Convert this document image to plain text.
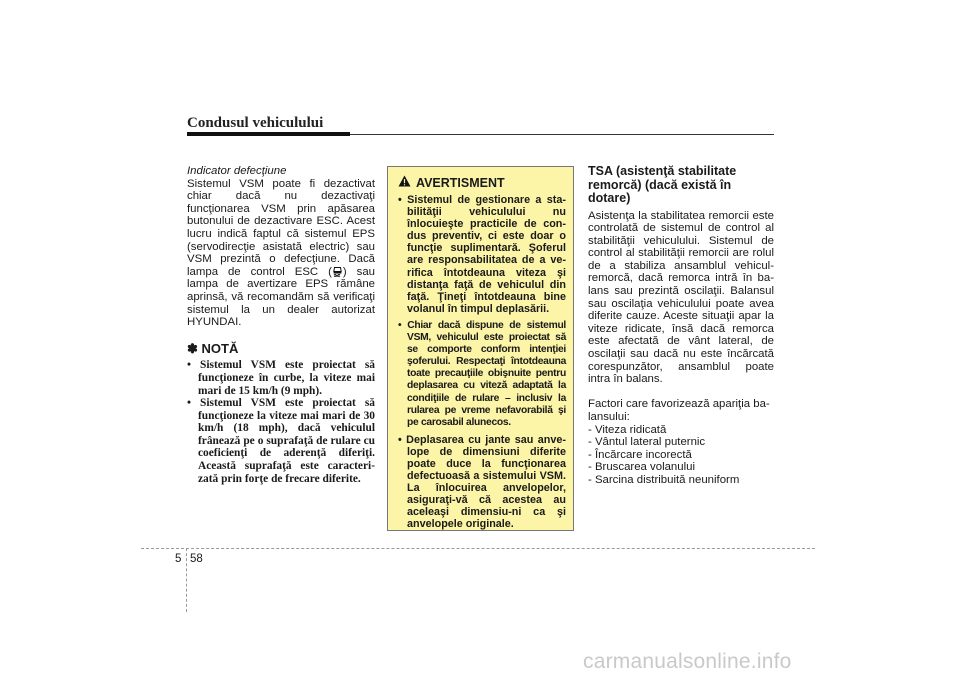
Condusul vehiculului
Indicator defecţiune
Sistemul VSM poate fi dezactivat chiar dacă nu dezactivaţi funcţionarea VSM prin apăsarea butonului de dezactivare ESC. Acest lucru indică faptul că sistemul EPS (servodirecţie asistată electric) sau VSM prezintă o defecţiune. Dacă lampa de control ESC ( ) sau lampa de avertizare EPS rămâne aprinsă, vă recomandăm să verificaţi sistemul la un dealer autorizat HYUNDAI.
✽ NOTĂ
• Sistemul VSM este proiectat să funcţioneze în curbe, la viteze mai mari de 15 km/h (9 mph).
• Sistemul VSM este proiectat să funcţioneze la viteze mai mari de 30 km/h (18 mph), dacă vehiculul frânează pe o suprafaţă de rulare cu coeficienţi de aderenţă diferiţi. Această suprafaţă este caracteri-zată prin forţe de frecare diferite.
AVERTISMENT
• Sistemul de gestionare a sta-bilităţii vehiculului nu înlocuieşte practicile de con-dus preventiv, ci este doar o funcţie suplimentară. Şoferul are responsabilitatea de a ve-rifica întotdeauna viteza şi distanţa faţă de vehiculul din faţă. Ţineţi întotdeauna bine volanul în timpul deplasării.
• Chiar dacă dispune de sistemul VSM, vehiculul este proiectat să se comporte conform intenţiei şoferului. Respectaţi întotdeauna toate precauţiile obişnuite pentru deplasarea cu viteză adaptată la condiţiile de rulare – inclusiv la rularea pe vreme nefavorabilă şi pe carosabil alunecos.
• Deplasarea cu jante sau anve-lope de dimensiuni diferite poate duce la funcţionarea defectuoasă a sistemului VSM. La înlocuirea anvelopelor, asiguraţi-vă că acestea au aceleaşi dimensiu-ni ca şi anvelopele originale.
TSA (asistenţă stabilitate remorcă) (dacă există în dotare)
Asistenţa la stabilitatea remorcii este controlată de sistemul de control al stabilităţii vehiculului. Sistemul de control al stabilităţii remorcii are rolul de a stabiliza ansamblul vehicul-remorcă, dacă remorca intră în ba-lans sau prezintă oscilaţii. Balansul sau oscilaţia vehiculului poate avea diferite cauze. Aceste situaţii apar la viteze ridicate, însă dacă remorca este afectată de vânt lateral, de oscilaţii sau dacă nu este încărcată corespunzător, ansamblul poate intra în balans.
Factori care favorizează apariţia ba-lansului:
- Viteza ridicată
- Vântul lateral puternic
- Încărcare incorectă
- Bruscarea volanului
- Sarcina distribuită neuniform
5 58
carmanualsonline.info
